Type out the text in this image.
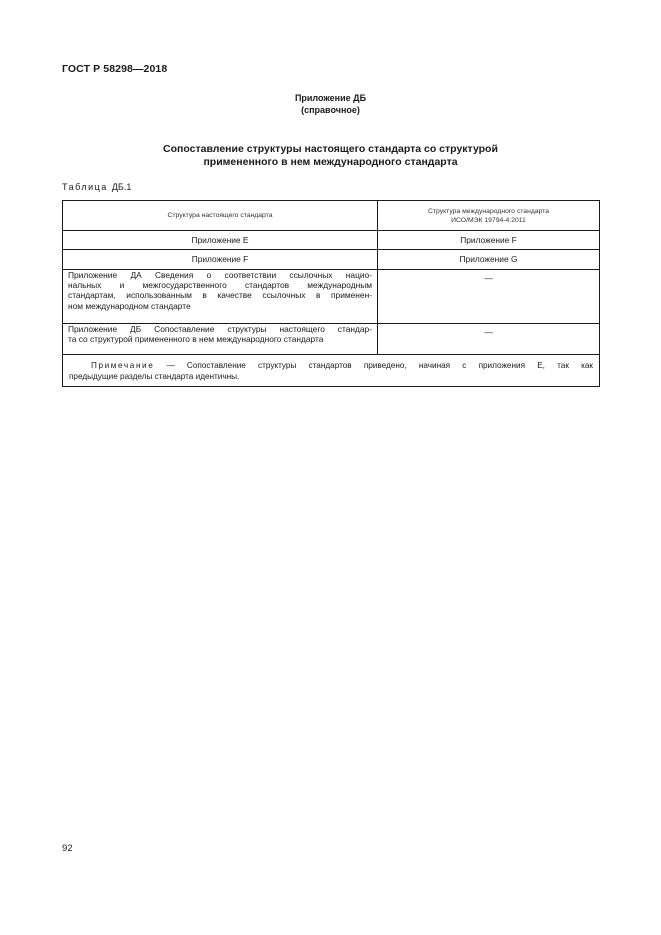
ГОСТ Р 58298—2018
Приложение ДБ
(справочное)
Сопоставление структуры настоящего стандарта со структурой
примененного в нем международного стандарта
Таблица ДБ.1
Структура настоящего стандарта	Структура международного стандарта
ИСО/МЭК 19794-4:2011

Приложение Е	Приложение F
Приложение F	Приложение G

Приложение ДА Сведения о соответствии ссылочных нацио-
нальных и межгосударственного стандартов международным
стандартам, использованным в качестве ссылочных в применен-
ном международном стандарте	—

Приложение ДБ Сопоставление структуры настоящего стандар-
та со структурой примененного в нем международного стандарта	—

Примечание — Сопоставление структуры стандартов приведено, начиная с приложения Е, так как
предыдущие разделы стандарта идентичны.	
92
